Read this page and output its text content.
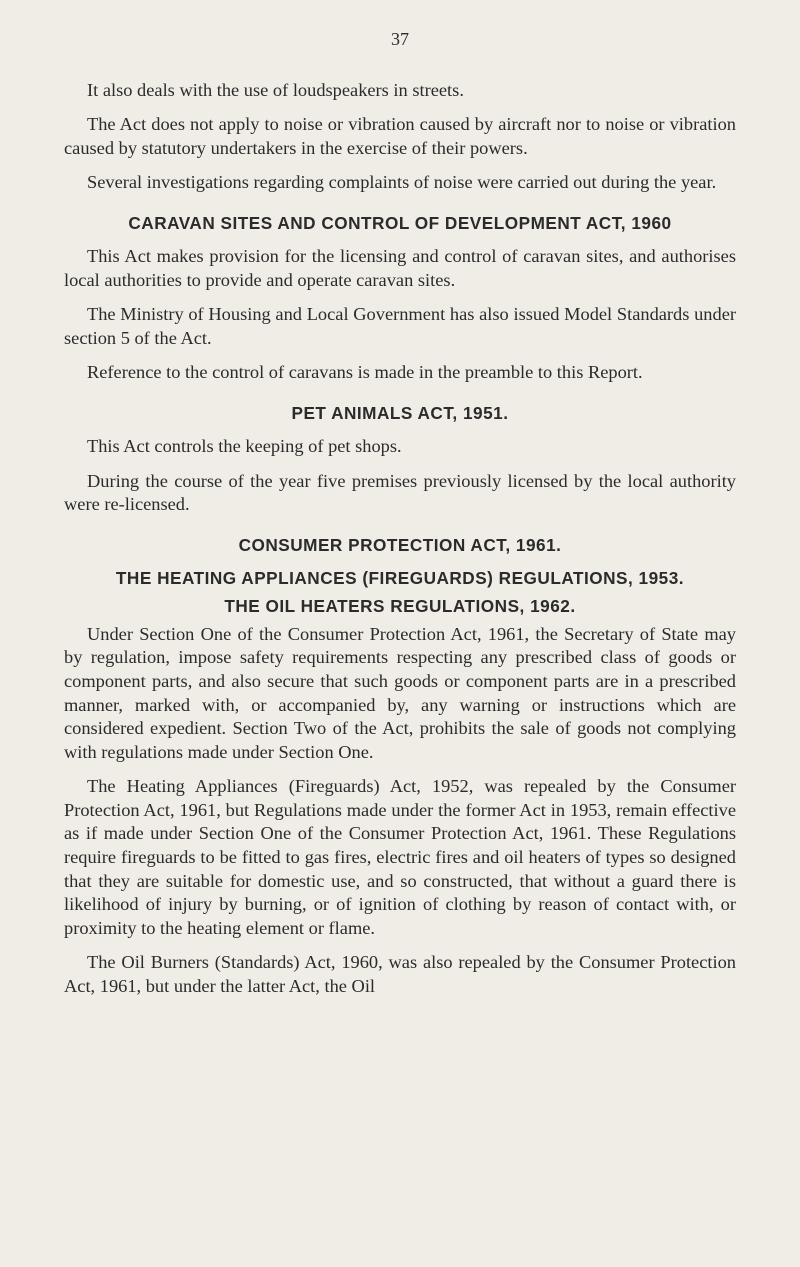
37

It also deals with the use of loudspeakers in streets.

The Act does not apply to noise or vibration caused by aircraft nor to noise or vibration caused by statutory undertakers in the exercise of their powers.

Several investigations regarding complaints of noise were carried out during the year.

CARAVAN SITES AND CONTROL OF DEVELOPMENT ACT, 1960

This Act makes provision for the licensing and control of caravan sites, and authorises local authorities to provide and operate caravan sites.

The Ministry of Housing and Local Government has also issued Model Standards under section 5 of the Act.

Reference to the control of caravans is made in the preamble to this Report.

PET ANIMALS ACT, 1951.

This Act controls the keeping of pet shops.

During the course of the year five premises previously licensed by the local authority were re-licensed.

CONSUMER PROTECTION ACT, 1961.
THE HEATING APPLIANCES (FIREGUARDS) REGULATIONS, 1953.
THE OIL HEATERS REGULATIONS, 1962.

Under Section One of the Consumer Protection Act, 1961, the Secretary of State may by regulation, impose safety requirements respecting any prescribed class of goods or component parts, and also secure that such goods or component parts are in a prescribed manner, marked with, or accompanied by, any warning or instructions which are considered expedient. Section Two of the Act, prohibits the sale of goods not complying with regulations made under Section One.

The Heating Appliances (Fireguards) Act, 1952, was repealed by the Consumer Protection Act, 1961, but Regulations made under the former Act in 1953, remain effective as if made under Section One of the Consumer Protection Act, 1961. These Regulations require fireguards to be fitted to gas fires, electric fires and oil heaters of types so designed that they are suitable for domestic use, and so constructed, that without a guard there is likelihood of injury by burning, or of ignition of clothing by reason of contact with, or proximity to the heating element or flame.

The Oil Burners (Standards) Act, 1960, was also repealed by the Consumer Protection Act, 1961, but under the latter Act, the Oil
